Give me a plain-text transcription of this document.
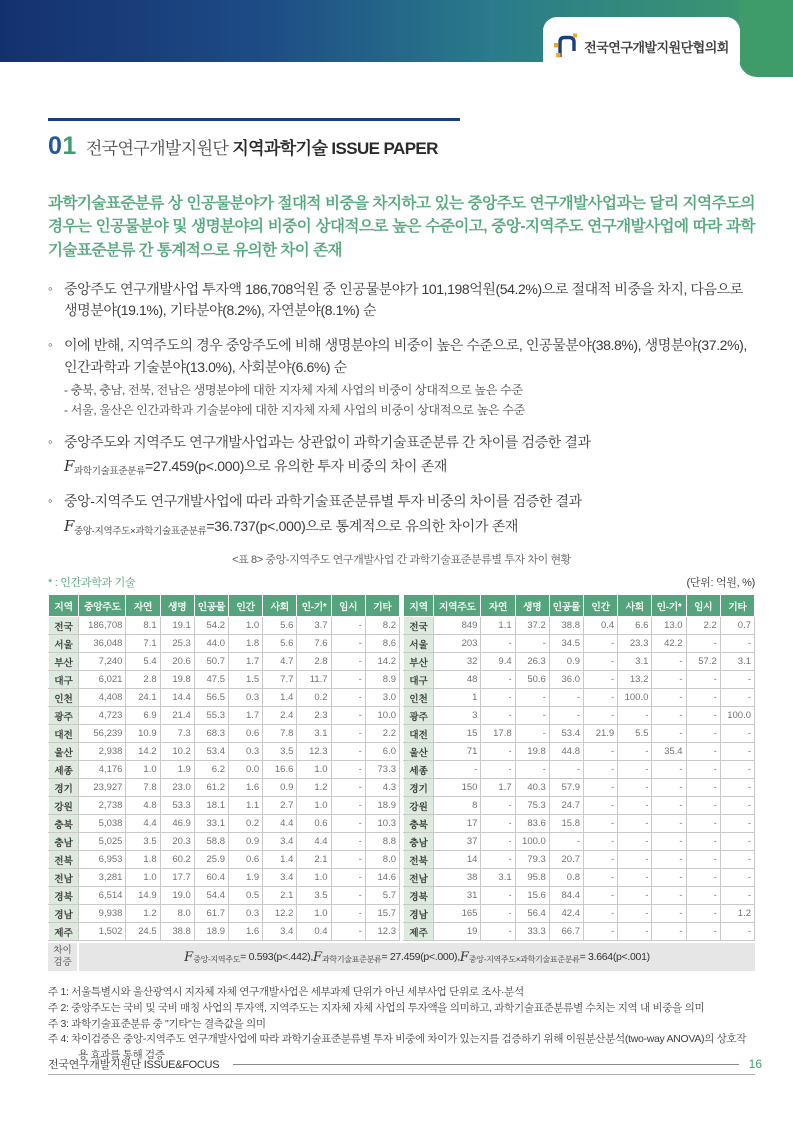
전국연구개발지원단협의회
01 전국연구개발지원단 지역과학기술 ISSUE PAPER
과학기술표준분류 상 인공물분야가 절대적 비중을 차지하고 있는 중앙주도 연구개발사업과는 달리 지역주도의 경우는 인공물분야 및 생명분야의 비중이 상대적으로 높은 수준이고, 중앙-지역주도 연구개발사업에 따라 과학기술표준분류 간 통계적으로 유의한 차이 존재
◦ 중앙주도 연구개발사업 투자액 186,708억원 중 인공물분야가 101,198억원(54.2%)으로 절대적 비중을 차지, 다음으로 생명분야(19.1%), 기타분야(8.2%), 자연분야(8.1%) 순
◦ 이에 반해, 지역주도의 경우 중앙주도에 비해 생명분야의 비중이 높은 수준으로, 인공물분야(38.8%), 생명분야(37.2%), 인간과학과 기술분야(13.0%), 사회분야(6.6%) 순
- 충북, 충남, 전북, 전남은 생명분야에 대한 지자체 자체 사업의 비중이 상대적으로 높은 수준
- 서울, 울산은 인간과학과 기술분야에 대한 지자체 자체 사업의 비중이 상대적으로 높은 수준
◦ 중앙주도와 지역주도 연구개발사업과는 상관없이 과학기술표준분류 간 차이를 검증한 결과
$F_{과학기술표준분류}=27.459(p<.000)$으로 유의한 투자 비중의 차이 존재
◦ 중앙-지역주도 연구개발사업에 따라 과학기술표준분류별 투자 비중의 차이를 검증한 결과
$F_{중앙-지역주도\times 과학기술표준분류}=36.737(p<.000)$으로 통계적으로 유의한 차이가 존재
<표 8> 중앙-지역주도 연구개발사업 간 과학기술표준분류별 투자 차이 현황
* : 인간과학과 기술	(단위: 억원, %)
지역	중앙주도	자연	생명	인공물	인간	사회	인-기*	임시	기타
전국	186,708	8.1	19.1	54.2	1.0	5.6	3.7	-	8.2
서울	36,048	7.1	25.3	44.0	1.8	5.6	7.6	-	8.6
부산	7,240	5.4	20.6	50.7	1.7	4.7	2.8	-	14.2
대구	6,021	2.8	19.8	47.5	1.5	7.7	11.7	-	8.9
인천	4,408	24.1	14.4	56.5	0.3	1.4	0.2	-	3.0
광주	4,723	6.9	21.4	55.3	1.7	2.4	2.3	-	10.0
대전	56,239	10.9	7.3	68.3	0.6	7.8	3.1	-	2.2
울산	2,938	14.2	10.2	53.4	0.3	3.5	12.3	-	6.0
세종	4,176	1.0	1.9	6.2	0.0	16.6	1.0	-	73.3
경기	23,927	7.8	23.0	61.2	1.6	0.9	1.2	-	4.3
강원	2,738	4.8	53.3	18.1	1.1	2.7	1.0	-	18.9
충북	5,038	4.4	46.9	33.1	0.2	4.4	0.6	-	10.3
충남	5,025	3.5	20.3	58.8	0.9	3.4	4.4	-	8.8
전북	6,953	1.8	60.2	25.9	0.6	1.4	2.1	-	8.0
전남	3,281	1.0	17.7	60.4	1.9	3.4	1.0	-	14.6
경북	6,514	14.9	19.0	54.4	0.5	2.1	3.5	-	5.7
경남	9,938	1.2	8.0	61.7	0.3	12.2	1.0	-	15.7
제주	1,502	24.5	38.8	18.9	1.6	3.4	0.4	-	12.3
지역	지역주도	자연	생명	인공물	인간	사회	인-기*	임시	기타
전국	849	1.1	37.2	38.8	0.4	6.6	13.0	2.2	0.7
서울	203	-	-	34.5	-	23.3	42.2	-	-
부산	32	9.4	26.3	0.9	-	3.1	-	57.2	3.1
대구	48	-	50.6	36.0	-	13.2	-	-	-
인천	1	-	-	-	-	100.0	-	-	-
광주	3	-	-	-	-	-	-	-	100.0
대전	15	17.8	-	53.4	21.9	5.5	-	-	-
울산	71	-	19.8	44.8	-	-	35.4	-	-
세종	-	-	-	-	-	-	-	-	-
경기	150	1.7	40.3	57.9	-	-	-	-	-
강원	8	-	75.3	24.7	-	-	-	-	-
충북	17	-	83.6	15.8	-	-	-	-	-
충남	37	-	100.0	-	-	-	-	-	-
전북	14	-	79.3	20.7	-	-	-	-	-
전남	38	3.1	95.8	0.8	-	-	-	-	-
경북	31	-	15.6	84.4	-	-	-	-	-
경남	165	-	56.4	42.4	-	-	-	-	1.2
제주	19	-	33.3	66.7	-	-	-	-	-
차이 검증	F 중앙-지역주도 = 0.593(p<.442), F 과학기술표준분류 = 27.459(p<.000), F 중앙-지역주도×과학기술표준분류 = 3.664(p<.001)
주 1: 서울특별시와 울산광역시 지자체 자체 연구개발사업은 세부과제 단위가 아닌 세부사업 단위로 조사·분석
주 2: 중앙주도는 국비 및 국비 매칭 사업의 투자액, 지역주도는 지자체 자체 사업의 투자액을 의미하고, 과학기술표준분류별 수치는 지역 내 비중을 의미
주 3: 과학기술표준분류 중 "기타"는 결측값을 의미
주 4: 차이검증은 중앙-지역주도 연구개발사업에 따라 과학기술표준분류별 투자 비중에 차이가 있는지를 검증하기 위해 이원분산분석(two-way ANOVA)의 상호작용 효과를 통해 검증
전국연구개발지원단 ISSUE&FOCUS	16
